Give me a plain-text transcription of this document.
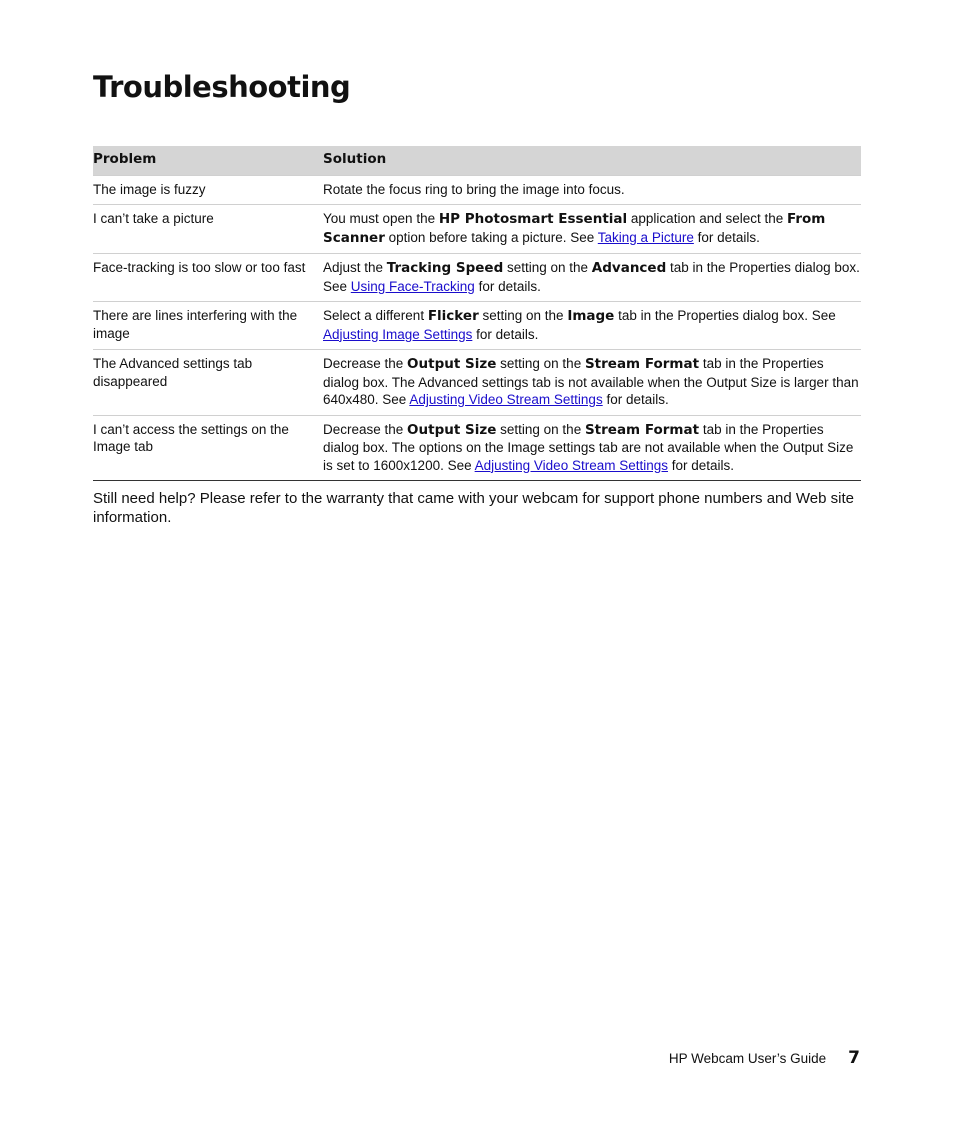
Troubleshooting
Problem	Solution
The image is fuzzy	Rotate the focus ring to bring the image into focus.
I can’t take a picture	You must open the HP Photosmart Essential application and select the From Scanner option before taking a picture. See Taking a Picture for details.
Face-tracking is too slow or too fast	Adjust the Tracking Speed setting on the Advanced tab in the Properties dialog box. See Using Face-Tracking for details.
There are lines interfering with the image	Select a different Flicker setting on the Image tab in the Properties dialog box. See Adjusting Image Settings for details.
The Advanced settings tab disappeared	Decrease the Output Size setting on the Stream Format tab in the Properties dialog box. The Advanced settings tab is not available when the Output Size is larger than 640x480. See Adjusting Video Stream Settings for details.
I can’t access the settings on the Image tab	Decrease the Output Size setting on the Stream Format tab in the Properties dialog box. The options on the Image settings tab are not available when the Output Size is set to 1600x1200. See Adjusting Video Stream Settings for details.

Still need help? Please refer to the warranty that came with your webcam for support phone numbers and Web site information.

HP Webcam User’s Guide 7
